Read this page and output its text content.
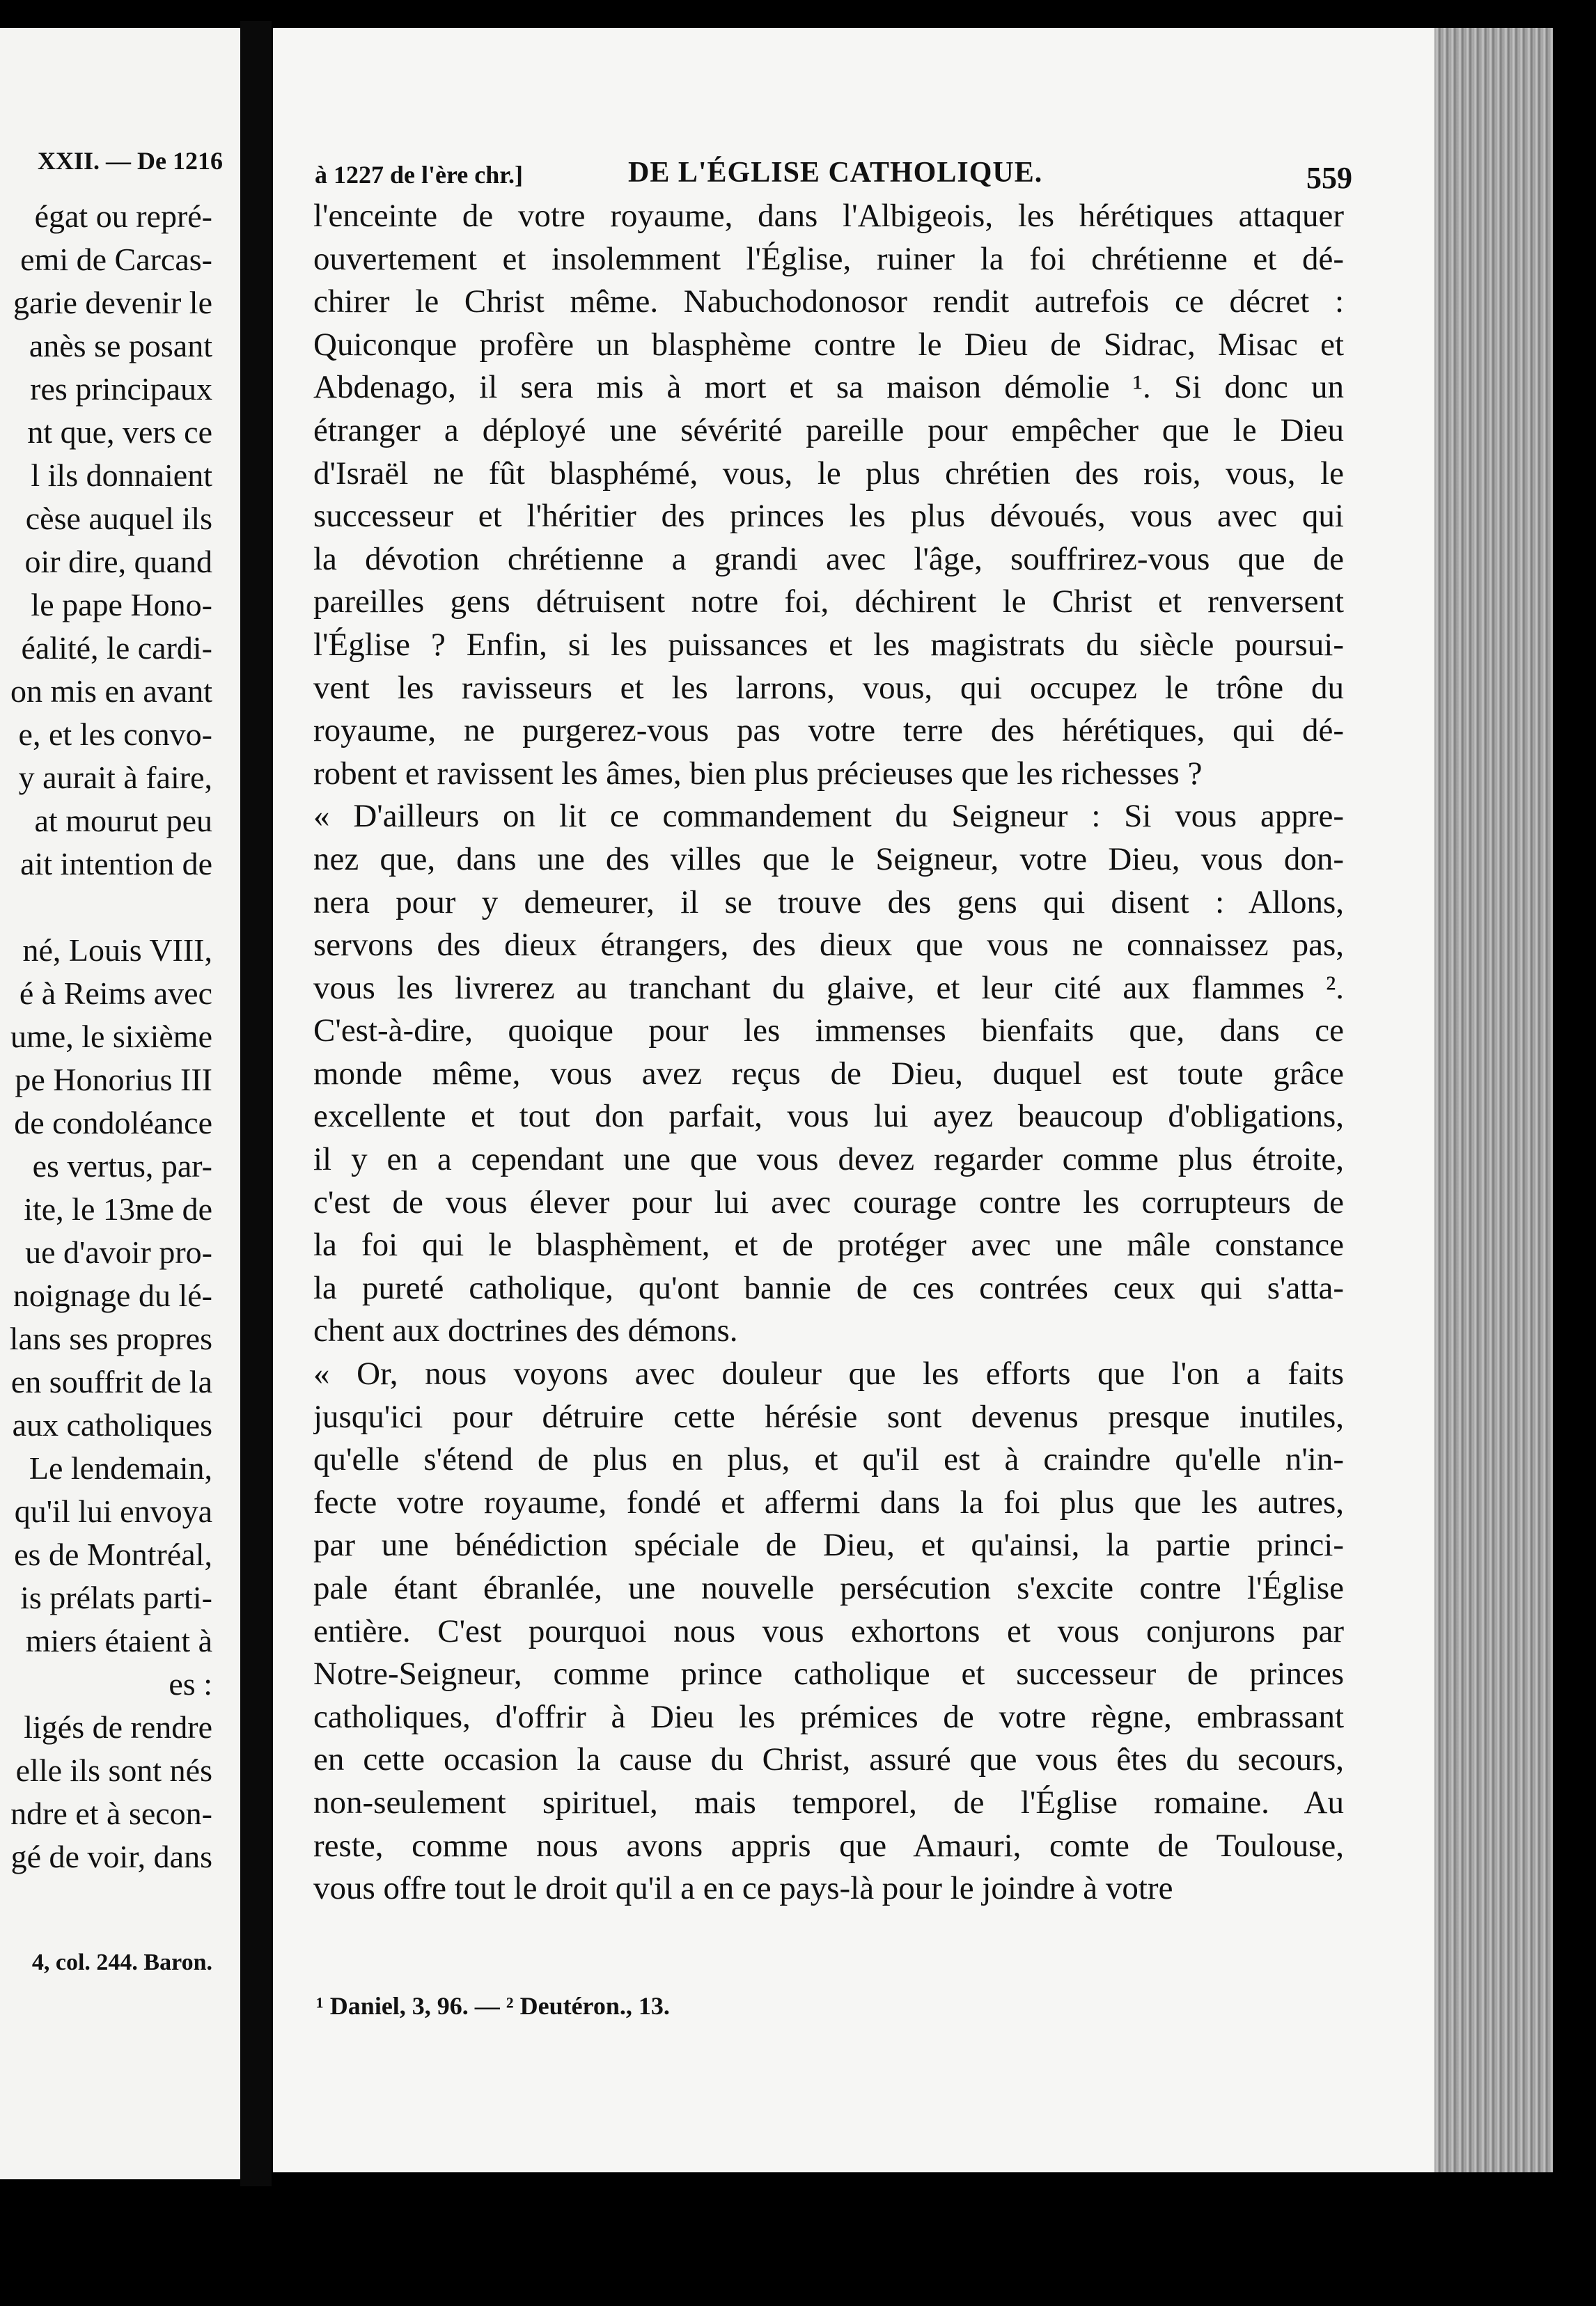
XXII. — De 1216
égat ou repré-
emi de Carcas-
garie devenir le
anès se posant
res principaux
nt que, vers ce
l ils donnaient
cèse auquel ils
oir dire, quand
le pape Hono-
éalité, le cardi-
on mis en avant
e, et les convo-
y aurait à faire,
at mourut peu
ait intention de
né, Louis VIII,
é à Reims avec
ume, le sixième
pe Honorius III
de condoléance
es vertus, par-
ite, le 13me de
ue d'avoir pro-
noignage du lé-
lans ses propres
en souffrit de la
aux catholiques
Le lendemain,
qu'il lui envoya
es de Montréal,
is prélats parti-
miers étaient à
es :
ligés de rendre
elle ils sont nés
ndre et à secon-
gé de voir, dans
4, col. 244. Baron.
à 1227 de l'ère chr.]	DE L'ÉGLISE CATHOLIQUE.	559
l'enceinte de votre royaume, dans l'Albigeois, les hérétiques attaquer
ouvertement et insolemment l'Église, ruiner la foi chrétienne et dé-
chirer le Christ même. Nabuchodonosor rendit autrefois ce décret :
Quiconque profère un blasphème contre le Dieu de Sidrac, Misac et
Abdenago, il sera mis à mort et sa maison démolie ¹. Si donc un
étranger a déployé une sévérité pareille pour empêcher que le Dieu
d'Israël ne fût blasphémé, vous, le plus chrétien des rois, vous, le
successeur et l'héritier des princes les plus dévoués, vous avec qui
la dévotion chrétienne a grandi avec l'âge, souffrirez-vous que de
pareilles gens détruisent notre foi, déchirent le Christ et renversent
l'Église ? Enfin, si les puissances et les magistrats du siècle poursui-
vent les ravisseurs et les larrons, vous, qui occupez le trône du
royaume, ne purgerez-vous pas votre terre des hérétiques, qui dé-
robent et ravissent les âmes, bien plus précieuses que les richesses ?
« D'ailleurs on lit ce commandement du Seigneur : Si vous appre-
nez que, dans une des villes que le Seigneur, votre Dieu, vous don-
nera pour y demeurer, il se trouve des gens qui disent : Allons,
servons des dieux étrangers, des dieux que vous ne connaissez pas,
vous les livrerez au tranchant du glaive, et leur cité aux flammes ².
C'est-à-dire, quoique pour les immenses bienfaits que, dans ce
monde même, vous avez reçus de Dieu, duquel est toute grâce
excellente et tout don parfait, vous lui ayez beaucoup d'obligations,
il y en a cependant une que vous devez regarder comme plus étroite,
c'est de vous élever pour lui avec courage contre les corrupteurs de
la foi qui le blasphèment, et de protéger avec une mâle constance
la pureté catholique, qu'ont bannie de ces contrées ceux qui s'atta-
chent aux doctrines des démons.
« Or, nous voyons avec douleur que les efforts que l'on a faits
jusqu'ici pour détruire cette hérésie sont devenus presque inutiles,
qu'elle s'étend de plus en plus, et qu'il est à craindre qu'elle n'in-
fecte votre royaume, fondé et affermi dans la foi plus que les autres,
par une bénédiction spéciale de Dieu, et qu'ainsi, la partie princi-
pale étant ébranlée, une nouvelle persécution s'excite contre l'Église
entière. C'est pourquoi nous vous exhortons et vous conjurons par
Notre-Seigneur, comme prince catholique et successeur de princes
catholiques, d'offrir à Dieu les prémices de votre règne, embrassant
en cette occasion la cause du Christ, assuré que vous êtes du secours,
non-seulement spirituel, mais temporel, de l'Église romaine. Au
reste, comme nous avons appris que Amauri, comte de Toulouse,
vous offre tout le droit qu'il a en ce pays-là pour le joindre à votre
¹ Daniel, 3, 96. — ² Deutéron., 13.
